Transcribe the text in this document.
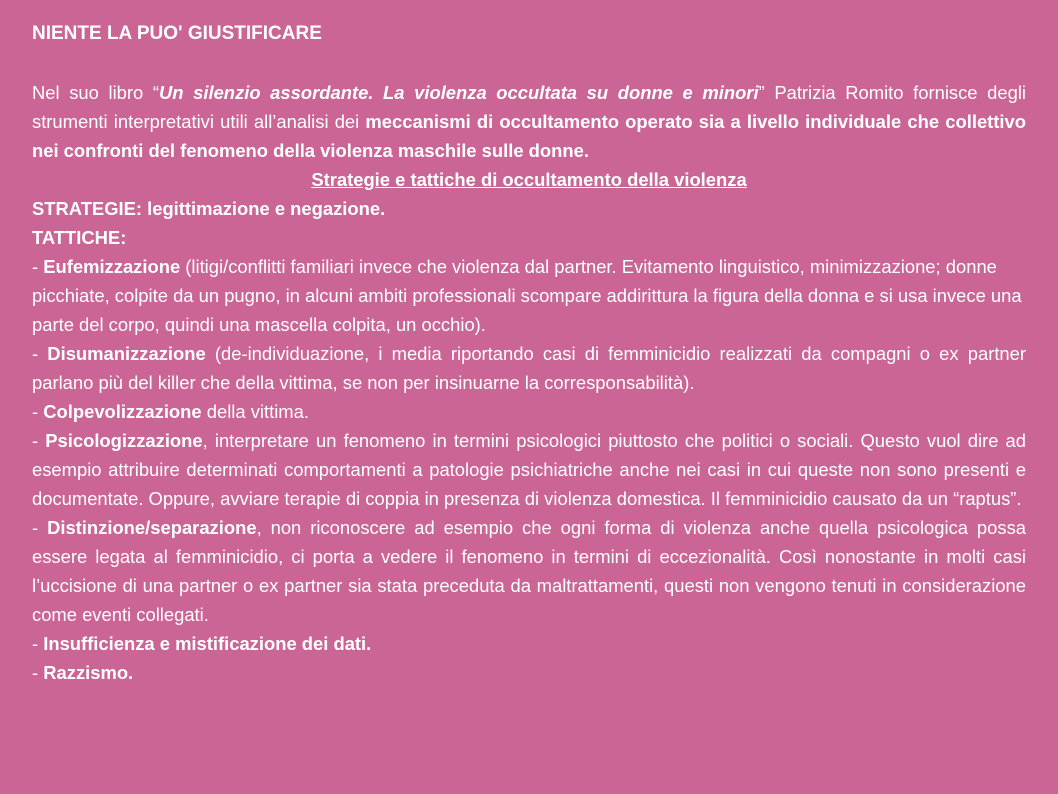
NIENTE LA PUO' GIUSTIFICARE

Nel suo libro “Un silenzio assordante. La violenza occultata su donne e minori” Patrizia Romito fornisce degli strumenti interpretativi utili all’analisi dei meccanismi di occultamento operato sia a livello individuale che collettivo nei confronti del fenomeno della violenza maschile sulle donne.

Strategie e tattiche di occultamento della violenza

STRATEGIE: legittimazione e negazione.

TATTICHE:

- Eufemizzazione (litigi/conflitti familiari invece che violenza dal partner. Evitamento linguistico, minimizzazione; donne picchiate, colpite da un pugno, in alcuni ambiti professionali scompare addirittura la figura della donna e si usa invece una parte del corpo, quindi una mascella colpita, un occhio).

- Disumanizzazione (de-individuazione, i media riportando casi di femminicidio realizzati da compagni o ex partner parlano più del killer che della vittima, se non per insinuarne la corresponsabilità).

- Colpevolizzazione della vittima.

- Psicologizzazione, interpretare un fenomeno in termini psicologici piuttosto che politici o sociali. Questo vuol dire ad esempio attribuire determinati comportamenti a patologie psichiatriche anche nei casi in cui queste non sono presenti e documentate. Oppure, avviare terapie di coppia in presenza di violenza domestica. Il femminicidio causato da un “raptus”.

- Distinzione/separazione, non riconoscere ad esempio che ogni forma di violenza anche quella psicologica possa essere legata al femminicidio, ci porta a vedere il fenomeno in termini di eccezionalità. Così nonostante in molti casi l’uccisione di una partner o ex partner sia stata preceduta da maltrattamenti, questi non vengono tenuti in considerazione come eventi collegati.

- Insufficienza e mistificazione dei dati.

- Razzismo.
